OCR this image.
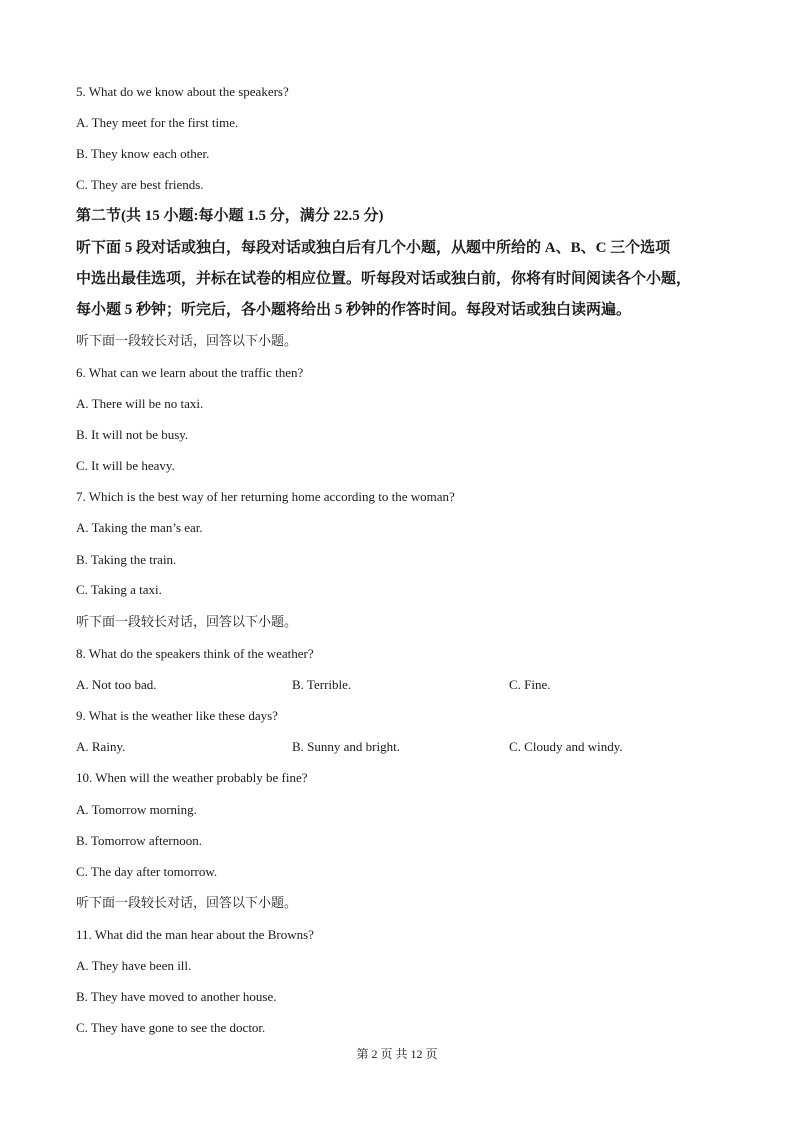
5. What do we know about the speakers?
A. They meet for the first time.
B. They know each other.
C. They are best friends.
第二节(共 15 小题:每小题 1.5 分，满分 22.5 分)
听下面 5 段对话或独白，每段对话或独白后有几个小题，从题中所给的 A、B、C 三个选项
中选出最佳选项，并标在试卷的相应位置。听每段对话或独白前，你将有时间阅读各个小题，
每小题 5 秒钟；听完后，各小题将给出 5 秒钟的作答时间。每段对话或独白读两遍。
听下面一段较长对话，回答以下小题。
6. What can we learn about the traffic then?
A. There will be no taxi.
B. It will not be busy.
C. It will be heavy.
7. Which is the best way of her returning home according to the woman?
A. Taking the man’s ear.
B. Taking the train.
C. Taking a taxi.
听下面一段较长对话，回答以下小题。
8. What do the speakers think of the weather?
A. Not too bad.	B. Terrible.	C. Fine.
9. What is the weather like these days?
A. Rainy.	B. Sunny and bright.	C. Cloudy and windy.
10. When will the weather probably be fine?
A. Tomorrow morning.
B. Tomorrow afternoon.
C. The day after tomorrow.
听下面一段较长对话，回答以下小题。
11. What did the man hear about the Browns?
A. They have been ill.
B. They have moved to another house.
C. They have gone to see the doctor.
第 2 页 共 12 页
